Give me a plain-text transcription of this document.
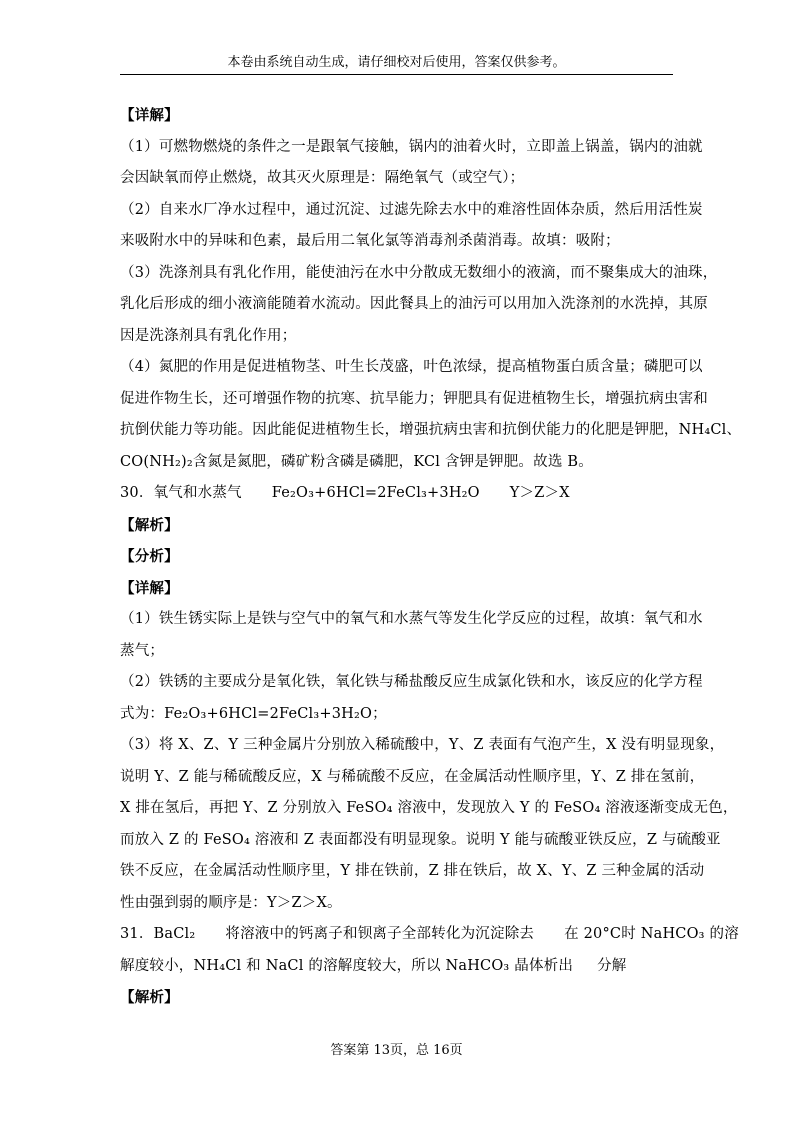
本卷由系统自动生成，请仔细校对后使用，答案仅供参考。
【详解】
（1）可燃物燃烧的条件之一是跟氧气接触，锅内的油着火时，立即盖上锅盖，锅内的油就
会因缺氧而停止燃烧，故其灭火原理是：隔绝氧气（或空气）；
（2）自来水厂净水过程中，通过沉淀、过滤先除去水中的难溶性固体杂质，然后用活性炭
来吸附水中的异味和色素，最后用二氧化氯等消毒剂杀菌消毒。故填：吸附；
（3）洗涤剂具有乳化作用，能使油污在水中分散成无数细小的液滴，而不聚集成大的油珠，
乳化后形成的细小液滴能随着水流动。因此餐具上的油污可以用加入洗涤剂的水洗掉，其原
因是洗涤剂具有乳化作用；
（4）氮肥的作用是促进植物茎、叶生长茂盛，叶色浓绿，提高植物蛋白质含量；磷肥可以
促进作物生长，还可增强作物的抗寒、抗旱能力；钾肥具有促进植物生长，增强抗病虫害和
抗倒伏能力等功能。因此能促进植物生长，增强抗病虫害和抗倒伏能力的化肥是钾肥，NH₄Cl、
CO(NH₂)₂含氮是氮肥，磷矿粉含磷是磷肥，KCl 含钾是钾肥。故选 B。
30．氧气和水蒸气 Fe₂O₃+6HCl=2FeCl₃+3H₂O Y＞Z＞X
【解析】
【分析】
【详解】
（1）铁生锈实际上是铁与空气中的氧气和水蒸气等发生化学反应的过程，故填：氧气和水
蒸气；
（2）铁锈的主要成分是氧化铁，氧化铁与稀盐酸反应生成氯化铁和水，该反应的化学方程
式为：Fe₂O₃+6HCl=2FeCl₃+3H₂O；
（3）将 X、Z、Y 三种金属片分别放入稀硫酸中，Y、Z 表面有气泡产生，X 没有明显现象，
说明 Y、Z 能与稀硫酸反应，X 与稀硫酸不反应，在金属活动性顺序里，Y、Z 排在氢前，
X 排在氢后，再把 Y、Z 分别放入 FeSO₄ 溶液中，发现放入 Y 的 FeSO₄ 溶液逐渐变成无色，
而放入 Z 的 FeSO₄ 溶液和 Z 表面都没有明显现象。说明 Y 能与硫酸亚铁反应，Z 与硫酸亚
铁不反应，在金属活动性顺序里，Y 排在铁前，Z 排在铁后，故 X、Y、Z 三种金属的活动
性由强到弱的顺序是：Y＞Z＞X。
31．BaCl₂ 将溶液中的钙离子和钡离子全部转化为沉淀除去 在 20°C时 NaHCO₃ 的溶
解度较小，NH₄Cl 和 NaCl 的溶解度较大，所以 NaHCO₃ 晶体析出 分解
【解析】
答案第 13页，总 16页
